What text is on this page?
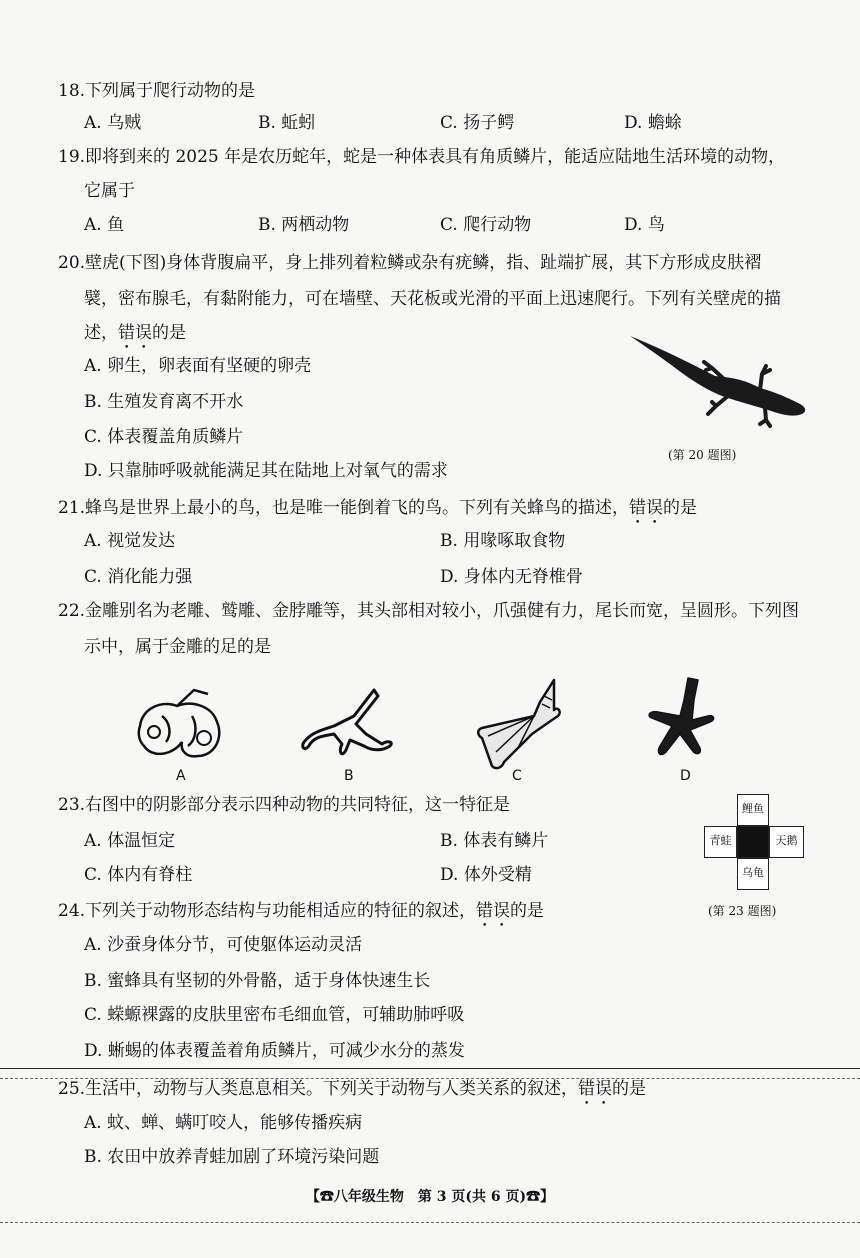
18.下列属于爬行动物的是
A. 乌贼	B. 蚯蚓	C. 扬子鳄	D. 蟾蜍
19.即将到来的 2025 年是农历蛇年，蛇是一种体表具有角质鳞片，能适应陆地生活环境的动物，
它属于
A. 鱼	B. 两栖动物	C. 爬行动物	D. 鸟
20.壁虎(下图)身体背腹扁平，身上排列着粒鳞或杂有疣鳞，指、趾端扩展，其下方形成皮肤褶
襞，密布腺毛，有黏附能力，可在墙壁、天花板或光滑的平面上迅速爬行。下列有关壁虎的描
述，错误的是
A. 卵生，卵表面有坚硬的卵壳
B. 生殖发育离不开水
C. 体表覆盖角质鳞片
D. 只靠肺呼吸就能满足其在陆地上对氧气的需求
(第 20 题图)
21.蜂鸟是世界上最小的鸟，也是唯一能倒着飞的鸟。下列有关蜂鸟的描述，错误的是
A. 视觉发达	B. 用喙啄取食物
C. 消化能力强	D. 身体内无脊椎骨
22.金雕别名为老雕、鹫雕、金脖雕等，其头部相对较小，爪强健有力，尾长而宽，呈圆形。下列图
示中，属于金雕的足的是
A	B	C	D
23.右图中的阴影部分表示四种动物的共同特征，这一特征是
A. 体温恒定	B. 体表有鳞片
C. 体内有脊柱	D. 体外受精
鲤鱼
青蛙	天鹅
乌龟
(第 23 题图)
24.下列关于动物形态结构与功能相适应的特征的叙述，错误的是
A. 沙蚕身体分节，可使躯体运动灵活
B. 蜜蜂具有坚韧的外骨骼，适于身体快速生长
C. 蝾螈裸露的皮肤里密布毛细血管，可辅助肺呼吸
D. 蜥蜴的体表覆盖着角质鳞片，可减少水分的蒸发
25.生活中，动物与人类息息相关。下列关于动物与人类关系的叙述，错误的是
A. 蚊、蝉、螨叮咬人，能够传播疾病
B. 农田中放养青蛙加剧了环境污染问题
【☎八年级生物　第 3 页(共 6 页)☎】
